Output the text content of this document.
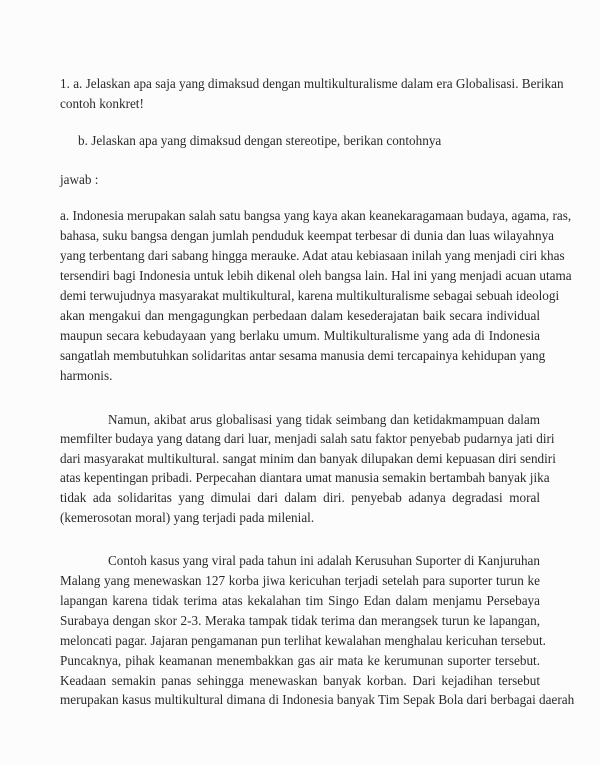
1. a. Jelaskan apa saja yang dimaksud dengan multikulturalisme dalam era Globalisasi. Berikan

contoh konkret!

b. Jelaskan apa yang dimaksud dengan stereotipe, berikan contohnya

jawab :

a. Indonesia merupakan salah satu bangsa yang kaya akan keanekaragamaan budaya, agama, ras,
bahasa, suku bangsa dengan jumlah penduduk keempat terbesar di dunia dan luas wilayahnya
yang terbentang dari sabang hingga merauke. Adat atau kebiasaan inilah yang menjadi ciri khas
tersendiri bagi Indonesia untuk lebih dikenal oleh bangsa lain. Hal ini yang menjadi acuan utama
demi terwujudnya masyarakat multikultural, karena multikulturalisme sebagai sebuah ideologi
akan mengakui dan mengagungkan perbedaan dalam kesederajatan baik secara individual
maupun secara kebudayaan yang berlaku umum. Multikulturalisme yang ada di Indonesia
sangatlah membutuhkan solidaritas antar sesama manusia demi tercapainya kehidupan yang
harmonis.
Namun, akibat arus globalisasi yang tidak seimbang dan ketidakmampuan dalam
memfilter budaya yang datang dari luar, menjadi salah satu faktor penyebab pudarnya jati diri
dari masyarakat multikultural. sangat minim dan banyak dilupakan demi kepuasan diri sendiri
atas kepentingan pribadi. Perpecahan diantara umat manusia semakin bertambah banyak jika
tidak ada solidaritas yang dimulai dari dalam diri. penyebab adanya degradasi moral
(kemerosotan moral) yang terjadi pada milenial.
Contoh kasus yang viral pada tahun ini adalah Kerusuhan Suporter di Kanjuruhan
Malang yang menewaskan 127 korba jiwa kericuhan terjadi setelah para suporter turun ke
lapangan karena tidak terima atas kekalahan tim Singo Edan dalam menjamu Persebaya
Surabaya dengan skor 2-3. Meraka tampak tidak terima dan merangsek turun ke lapangan,
meloncati pagar. Jajaran pengamanan pun terlihat kewalahan menghalau kericuhan tersebut.
Puncaknya, pihak keamanan menembakkan gas air mata ke kerumunan suporter tersebut.
Keadaan semakin panas sehingga menewaskan banyak korban. Dari kejadihan tersebut
merupakan kasus multikultural dimana di Indonesia banyak Tim Sepak Bola dari berbagai daerah
